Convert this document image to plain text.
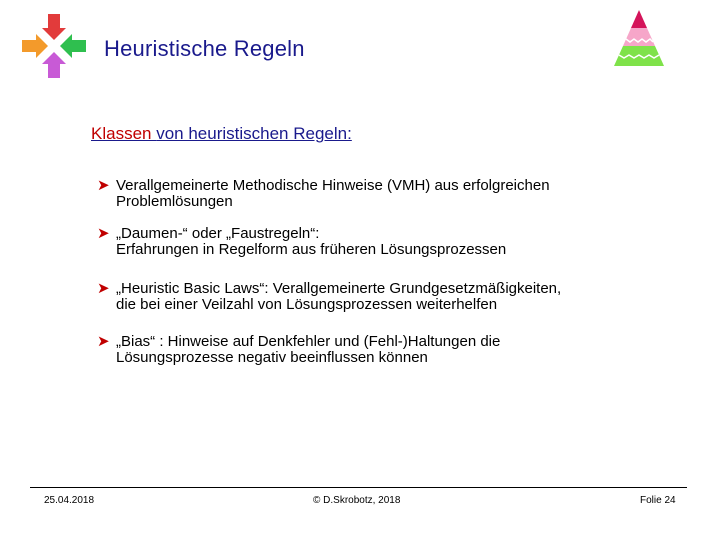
Heuristische Regeln
Klassen von heuristischen Regeln:
➤ Verallgemeinerte Methodische Hinweise (VMH) aus erfolgreichen
Problemlösungen
➤ „Daumen-“ oder „Faustregeln“:
Erfahrungen in Regelform aus früheren Lösungsprozessen
➤ „Heuristic Basic Laws“: Verallgemeinerte Grundgesetzmäßigkeiten,
die bei einer Veilzahl von Lösungsprozessen weiterhelfen
➤ „Bias“ : Hinweise auf Denkfehler und (Fehl-)Haltungen die
Lösungsprozesse negativ beeinflussen können
25.04.2018	© D.Skrobotz, 2018	Folie 24
